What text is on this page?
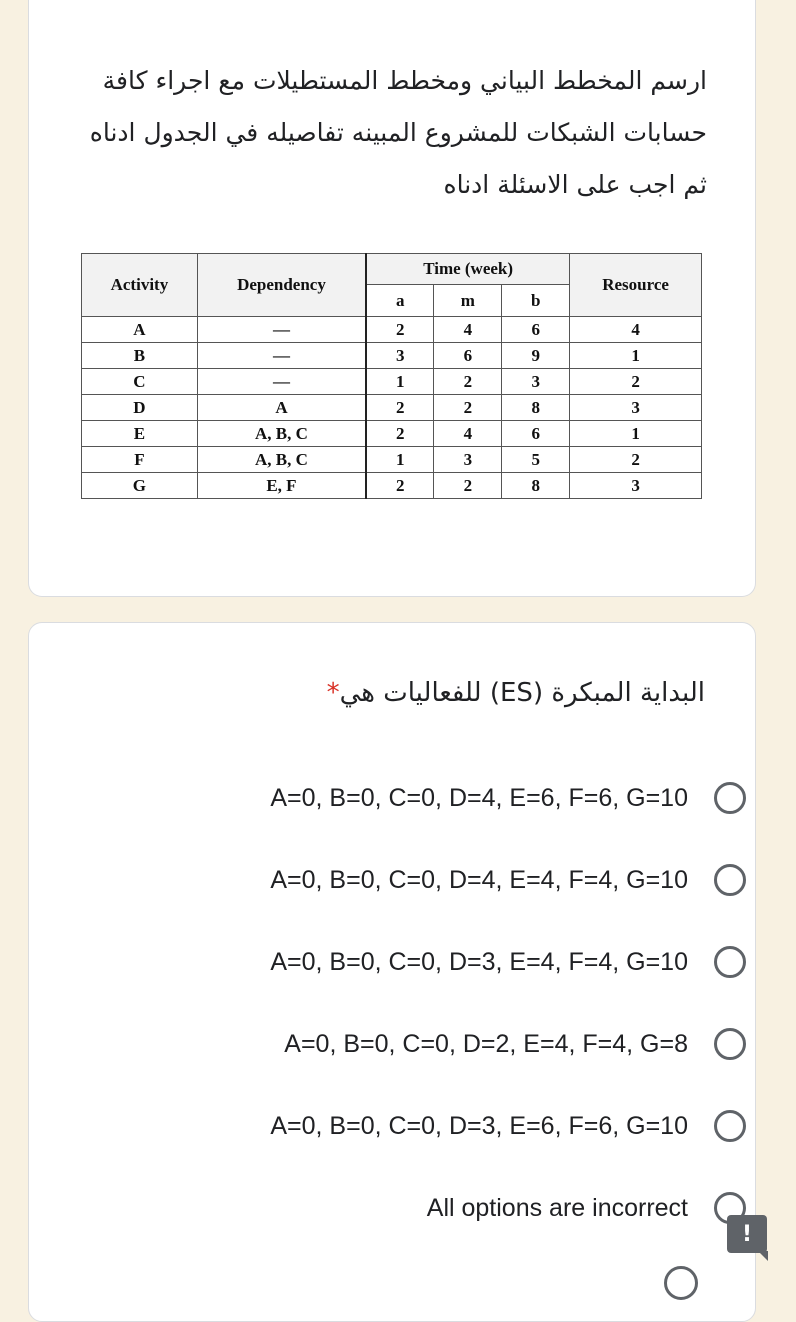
ارسم المخطط البياني ومخطط المستطيلات مع اجراء كافة حسابات الشبكات للمشروع المبينه تفاصيله في الجدول ادناه ثم اجب على الاسئلة ادناه
Activity	Dependency	Time (week)			Resource
		a	m	b	
A	—	2	4	6	4
B	—	3	6	9	1
C	—	1	2	3	2
D	A	2	2	8	3
E	A, B, C	2	4	6	1
F	A, B, C	1	3	5	2
G	E, F	2	2	8	3
البداية المبكرة (ES) للفعاليات هي*
A=0, B=0, C=0, D=4, E=6, F=6, G=10
A=0, B=0, C=0, D=4, E=4, F=4, G=10
A=0, B=0, C=0, D=3, E=4, F=4, G=10
A=0, B=0, C=0, D=2, E=4, F=4, G=8
A=0, B=0, C=0, D=3, E=6, F=6, G=10
All options are incorrect
!
